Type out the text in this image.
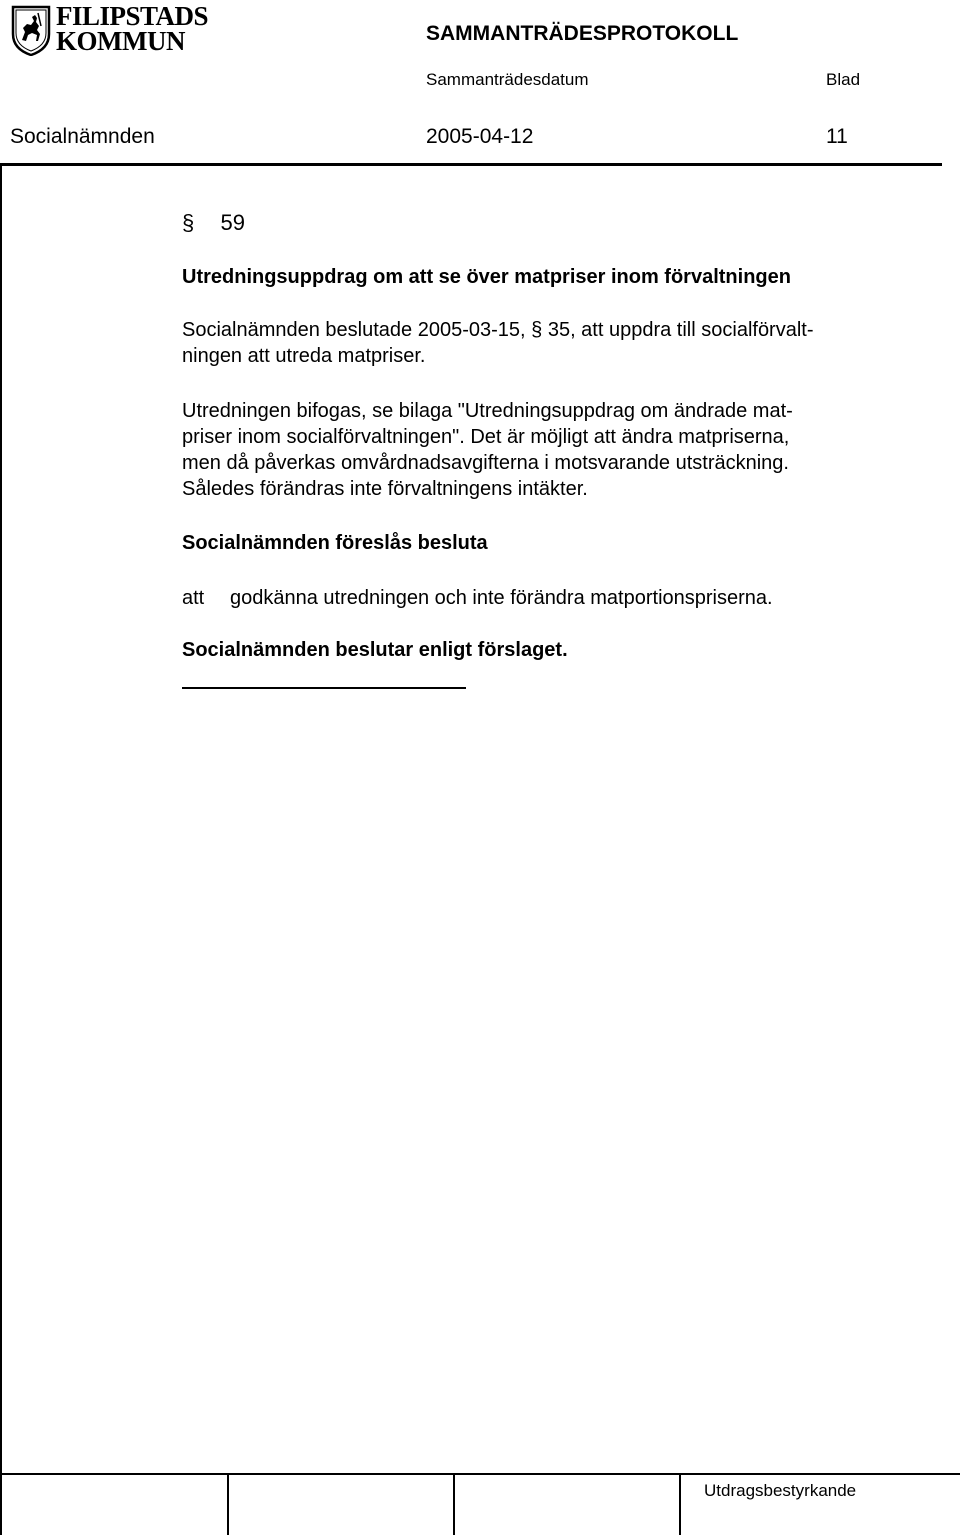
FILIPSTADS
KOMMUN	SAMMANTRÄDESPROTOKOLL
Sammanträdesdatum	Blad
Socialnämnden	2005-04-12	11
§ 59
Utredningsuppdrag om att se över matpriser inom förvaltningen
Socialnämnden beslutade 2005-03-15, § 35, att uppdra till socialförvalt-
ningen att utreda matpriser.
Utredningen bifogas, se bilaga "Utredningsuppdrag om ändrade mat-
priser inom socialförvaltningen". Det är möjligt att ändra matpriserna,
men då påverkas omvårdnadsavgifterna i motsvarande utsträckning.
Således förändras inte förvaltningens intäkter.
Socialnämnden föreslås besluta
att godkänna utredningen och inte förändra matportionspriserna.
Socialnämnden beslutar enligt förslaget.
Utdragsbestyrkande
